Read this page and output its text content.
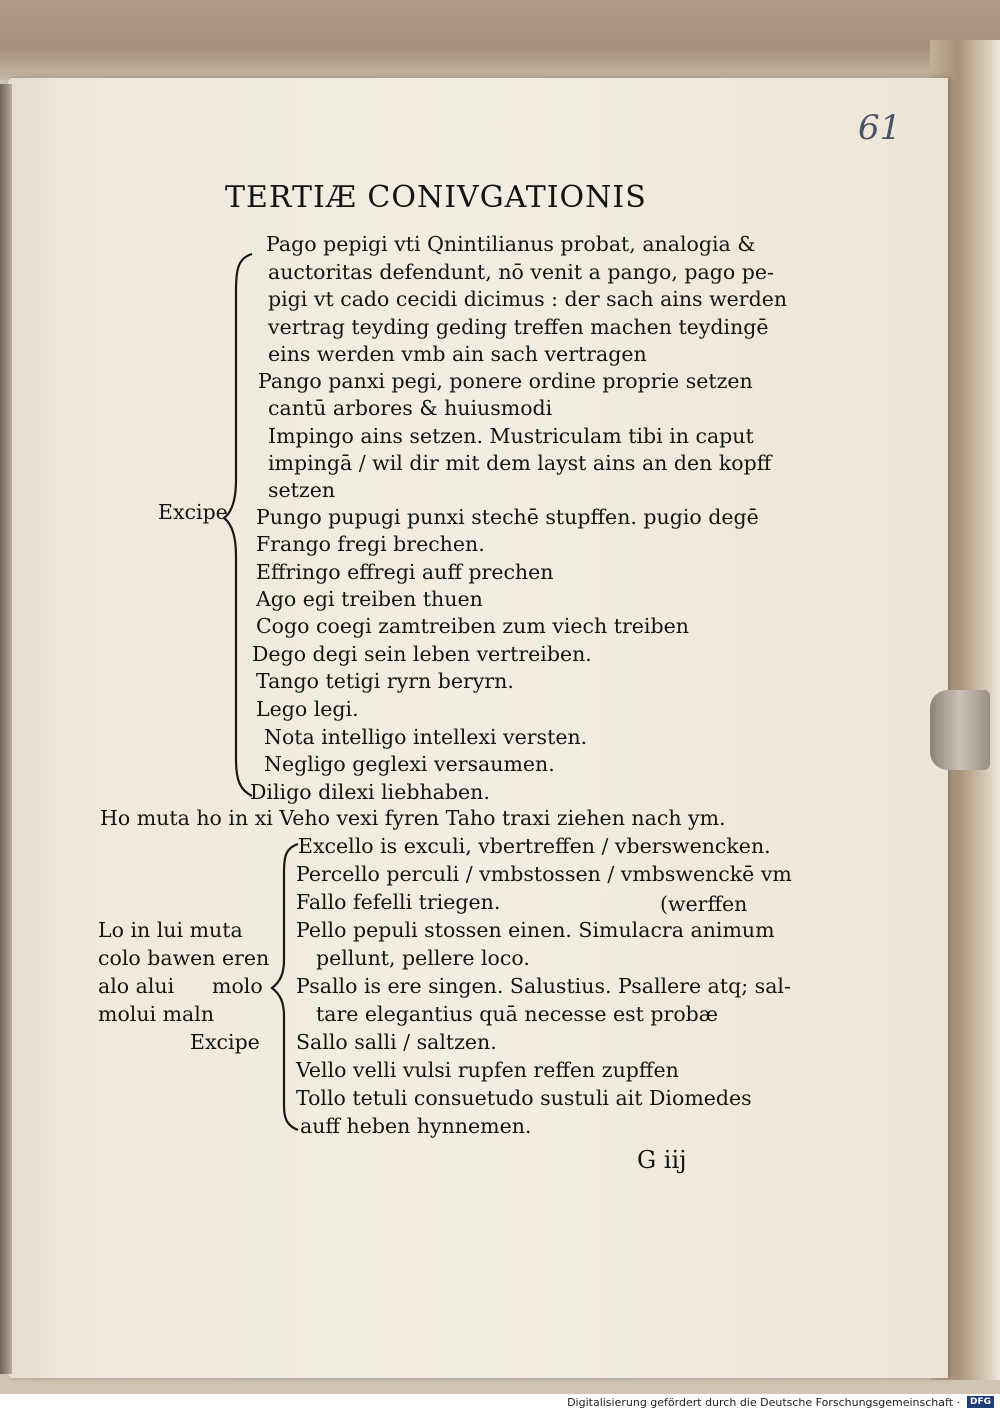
61
TERTIÆ CONIVGATIONIS
Pago pepigi vti Qnintilianus probat, analogia &
auctoritas defendunt, nō venit a pango, pago pe‑
pigi vt cado cecidi dicimus : der sach ains werden
vertrag teyding geding treffen machen teydingē
eins werden vmb ain sach vertragen
Pango panxi pegi, ponere ordine proprie setzen
cantū arbores & huiusmodi
Impingo ains setzen. Mustriculam tibi in caput
impingā / wil dir mit dem layst ains an den kopff
setzen
Pungo pupugi punxi stechē stupffen. pugio degē
Frango fregi brechen.
Effringo effregi auff prechen
Ago egi treiben thuen
Cogo coegi zamtreiben zum viech treiben
Dego degi sein leben vertreiben.
Tango tetigi ryrn beryrn.
Lego legi.
Nota intelligo intellexi versten.
Negligo geglexi versaumen.
Diligo dilexi liebhaben.
Excipe
Ho muta ho in xi Veho vexi fyren Taho traxi ziehen nach ym.
Excello is exculi, vbertreffen / vberswencken.
Percello perculi / vmbstossen / vmbswenckē vm
Fallo fefelli triegen.	(werffen
Pello pepuli stossen einen. Simulacra animum
pellunt, pellere loco.
Psallo is ere singen. Salustius. Psallere atq; sal‑
tare elegantius quā necesse est probæ
Sallo salli / saltzen.
Vello velli vulsi rupfen reffen zupffen
Tollo tetuli consuetudo sustuli ait Diomedes
auff heben hynnemen.
Lo in lui muta
colo bawen eren
alo alui molo
molui maln
Excipe
G iij
Digitalisierung gefördert durch die Deutsche Forschungsgemeinschaft ·	DFG
